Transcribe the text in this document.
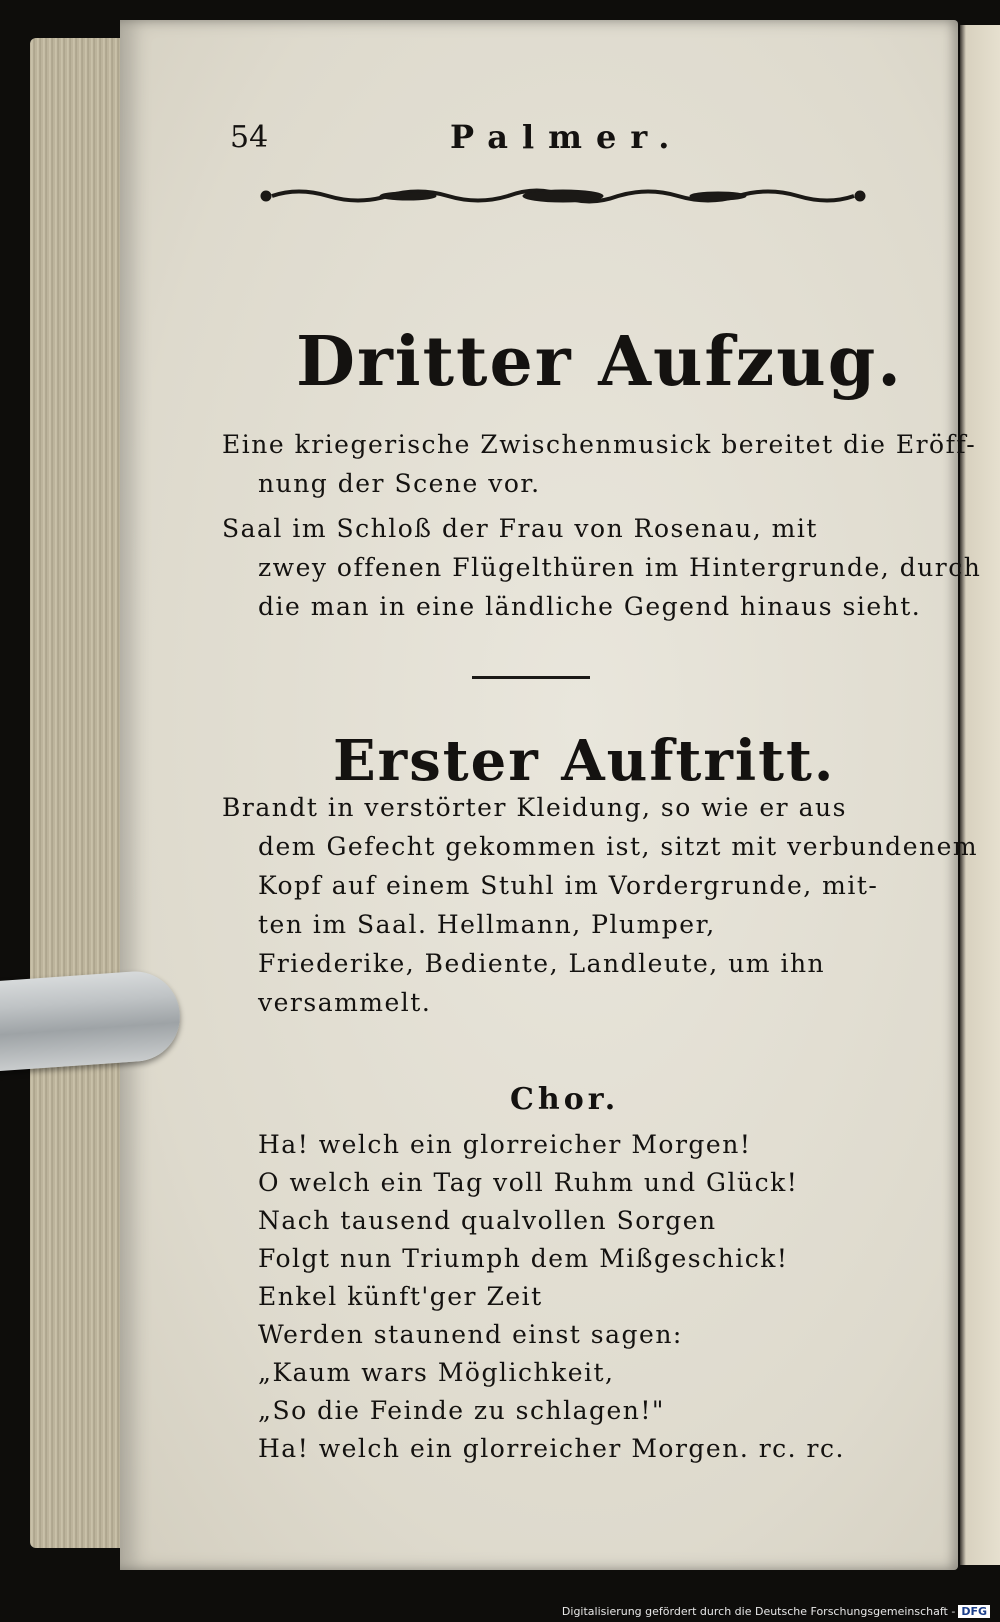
54	Palmer.
Dritter Aufzug.
Eine kriegerische Zwischenmusick bereitet die Eröff-
nung der Scene vor.
Saal im Schloß der Frau von Rosenau, mit
zwey offenen Flügelthüren im Hintergrunde, durch
die man in eine ländliche Gegend hinaus sieht.
Erster Auftritt.
Brandt in verstörter Kleidung, so wie er aus
dem Gefecht gekommen ist, sitzt mit verbundenem
Kopf auf einem Stuhl im Vordergrunde, mit-
ten im Saal. Hellmann, Plumper,
Friederike, Bediente, Landleute, um ihn
versammelt.
Chor.
Ha! welch ein glorreicher Morgen!
O welch ein Tag voll Ruhm und Glück!
Nach tausend qualvollen Sorgen
Folgt nun Triumph dem Mißgeschick!
Enkel künft'ger Zeit
Werden staunend einst sagen:
„Kaum wars Möglichkeit,
„So die Feinde zu schlagen!"
Ha! welch ein glorreicher Morgen. rc. rc.
Digitalisierung gefördert durch die Deutsche Forschungsgemeinschaft - DFG
